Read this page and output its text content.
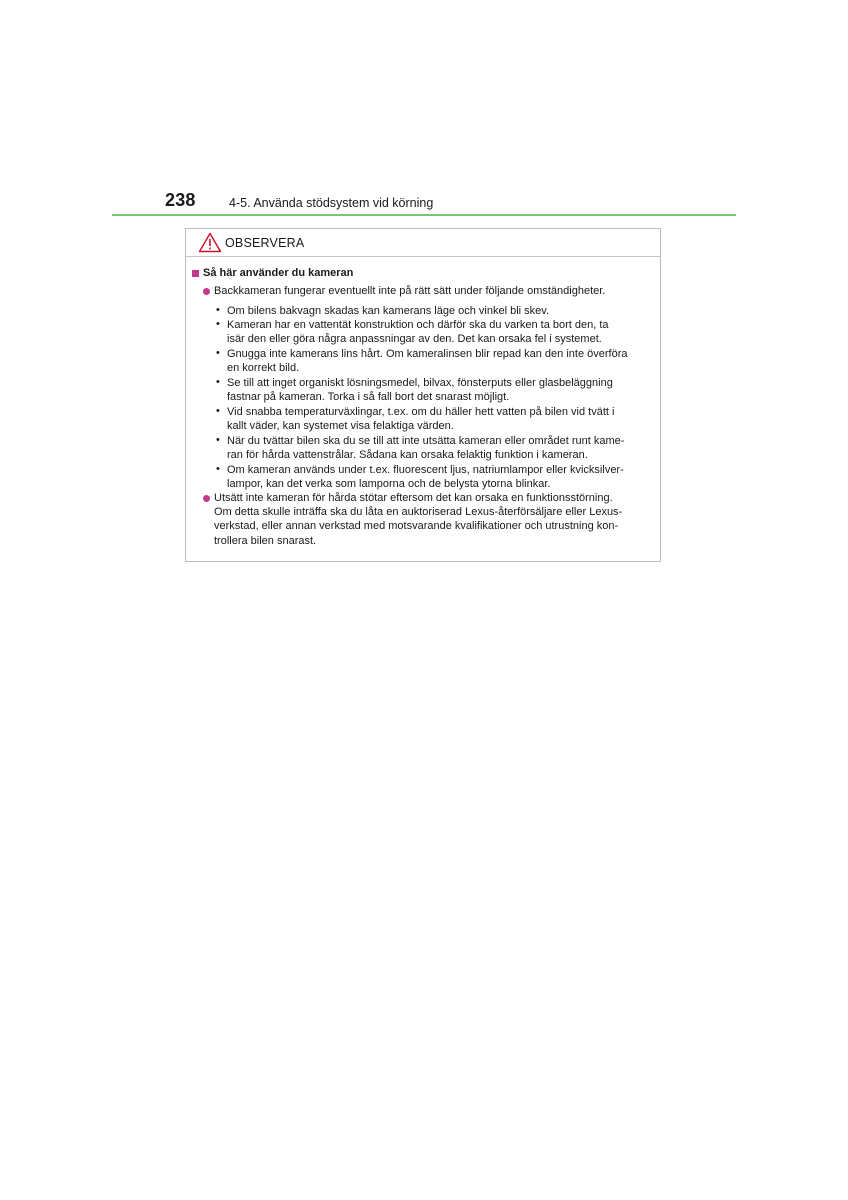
238	4-5. Använda stödsystem vid körning
OBSERVERA
Så här använder du kameran
Backkameran fungerar eventuellt inte på rätt sätt under följande omständigheter.
• Om bilens bakvagn skadas kan kamerans läge och vinkel bli skev.
• Kameran har en vattentät konstruktion och därför ska du varken ta bort den, ta
isär den eller göra några anpassningar av den. Det kan orsaka fel i systemet.
• Gnugga inte kamerans lins hårt. Om kameralinsen blir repad kan den inte överföra
en korrekt bild.
• Se till att inget organiskt lösningsmedel, bilvax, fönsterputs eller glasbeläggning
fastnar på kameran. Torka i så fall bort det snarast möjligt.
• Vid snabba temperaturväxlingar, t.ex. om du häller hett vatten på bilen vid tvätt i
kallt väder, kan systemet visa felaktiga värden.
• När du tvättar bilen ska du se till att inte utsätta kameran eller området runt kame-
ran för hårda vattenstrålar. Sådana kan orsaka felaktig funktion i kameran.
• Om kameran används under t.ex. fluorescent ljus, natriumlampor eller kvicksilver-
lampor, kan det verka som lamporna och de belysta ytorna blinkar.
Utsätt inte kameran för hårda stötar eftersom det kan orsaka en funktionsstörning.
Om detta skulle inträffa ska du låta en auktoriserad Lexus-återförsäljare eller Lexus-
verkstad, eller annan verkstad med motsvarande kvalifikationer och utrustning kon-
trollera bilen snarast.
